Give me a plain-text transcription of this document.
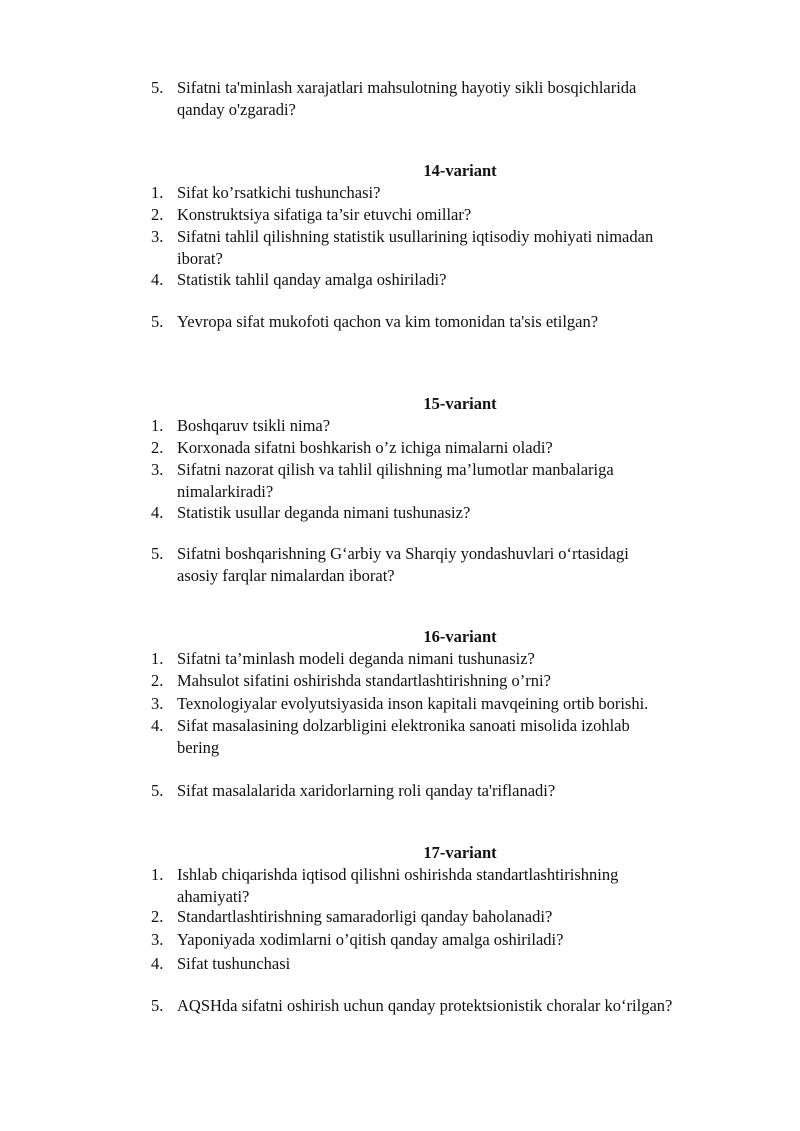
5. Sifatni ta'minlash xarajatlari mahsulotning hayotiy sikli bosqichlarida
qanday o'zgaradi?
14-variant
1. Sifat ko’rsatkichi tushunchasi?
2. Konstruktsiya sifatiga ta’sir etuvchi omillar?
3. Sifatni tahlil qilishning statistik usullarining iqtisodiy mohiyati nimadan
iborat?
4. Statistik tahlil qanday amalga oshiriladi?
5. Yevropa sifat mukofoti qachon va kim tomonidan ta'sis etilgan?
15-variant
1. Boshqaruv tsikli nima?
2. Korxonada sifatni boshkarish o’z ichiga nimalarni oladi?
3. Sifatni nazorat qilish va tahlil qilishning ma’lumotlar manbalariga
nimalarkiradi?
4. Statistik usullar deganda nimani tushunasiz?
5. Sifatni boshqarishning G‘arbiy va Sharqiy yondashuvlari o‘rtasidagi
asosiy farqlar nimalardan iborat?
16-variant
1. Sifatni ta’minlash modeli deganda nimani tushunasiz?
2. Mahsulot sifatini oshirishda standartlashtirishning o’rni?
3. Texnologiyalar evolyutsiyasida inson kapitali mavqeining ortib borishi.
4. Sifat masalasining dolzarbligini elektronika sanoati misolida izohlab
bering
5. Sifat masalalarida xaridorlarning roli qanday ta'riflanadi?
17-variant
1. Ishlab chiqarishda iqtisod qilishni oshirishda standartlashtirishning
ahamiyati?
2. Standartlashtirishning samaradorligi qanday baholanadi?
3. Yaponiyada xodimlarni o’qitish qanday amalga oshiriladi?
4. Sifat tushunchasi
5. AQSHda sifatni oshirish uchun qanday protektsionistik choralar ko‘rilgan?
